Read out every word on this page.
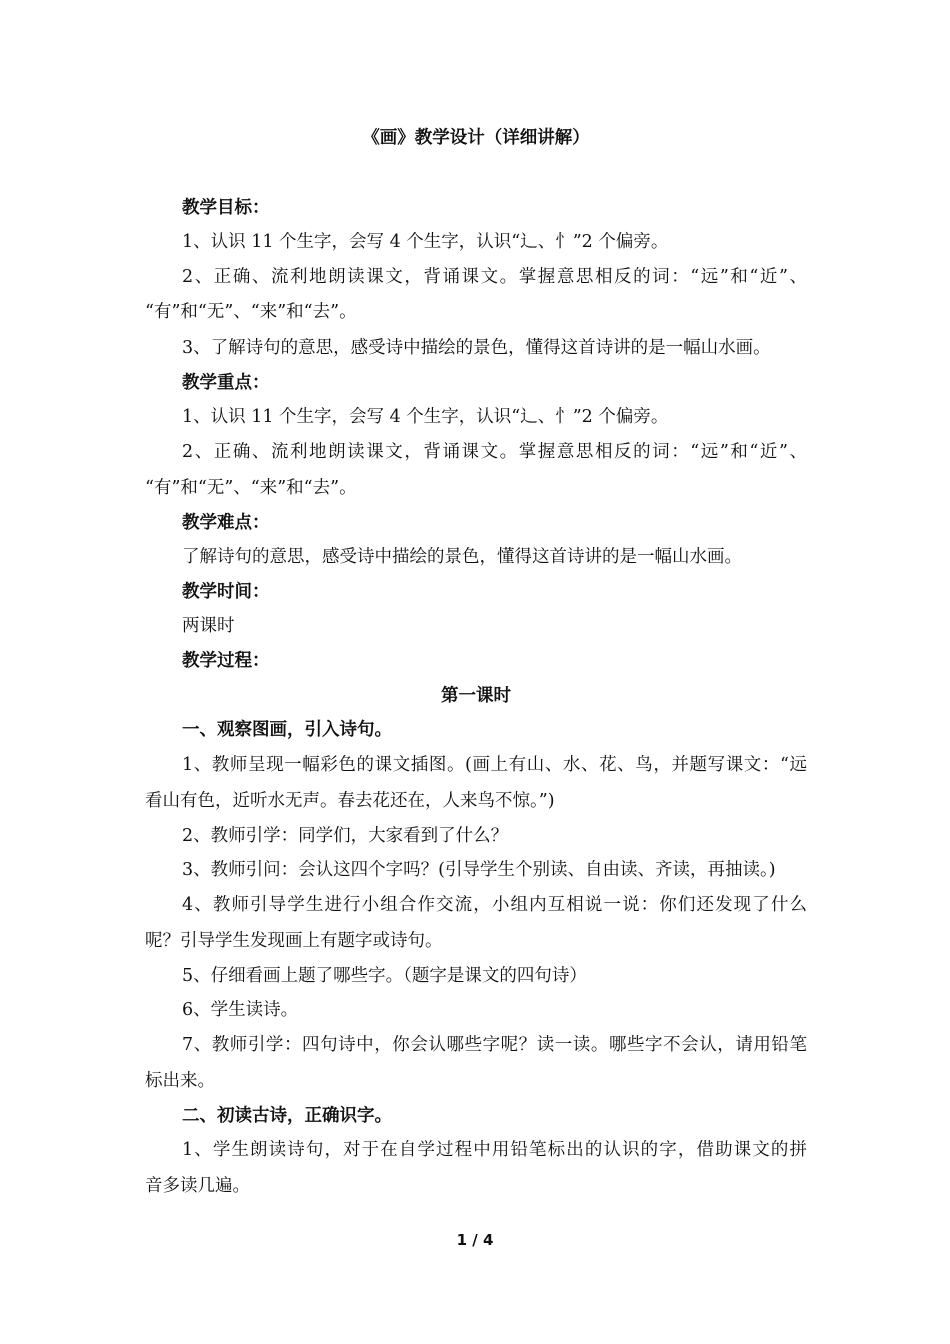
《画》教学设计（详细讲解）
教学目标：
1、认识 11 个生字，会写 4 个生字，认识“辶、忄”2 个偏旁。
2、正确、流利地朗读课文，背诵课文。掌握意思相反的词：“远”和“近”、
“有”和“无”、“来”和“去”。
3、了解诗句的意思，感受诗中描绘的景色，懂得这首诗讲的是一幅山水画。
教学重点：
1、认识 11 个生字，会写 4 个生字，认识“辶、忄”2 个偏旁。
2、正确、流利地朗读课文，背诵课文。掌握意思相反的词：“远”和“近”、
“有”和“无”、“来”和“去”。
教学难点：
了解诗句的意思，感受诗中描绘的景色，懂得这首诗讲的是一幅山水画。
教学时间：
两课时
教学过程：
第一课时
一、观察图画，引入诗句。
1、教师呈现一幅彩色的课文插图。(画上有山、水、花、鸟，并题写课文：“远
看山有色，近听水无声。春去花还在，人来鸟不惊。”)
2、教师引学：同学们，大家看到了什么？
3、教师引问：会认这四个字吗？(引导学生个别读、自由读、齐读，再抽读。)
4、教师引导学生进行小组合作交流，小组内互相说一说：你们还发现了什么
呢？引导学生发现画上有题字或诗句。
5、仔细看画上题了哪些字。（题字是课文的四句诗）
6、学生读诗。
7、教师引学：四句诗中，你会认哪些字呢？读一读。哪些字不会认，请用铅笔
标出来。
二、初读古诗，正确识字。
1、学生朗读诗句，对于在自学过程中用铅笔标出的认识的字，借助课文的拼
音多读几遍。
1 / 4
